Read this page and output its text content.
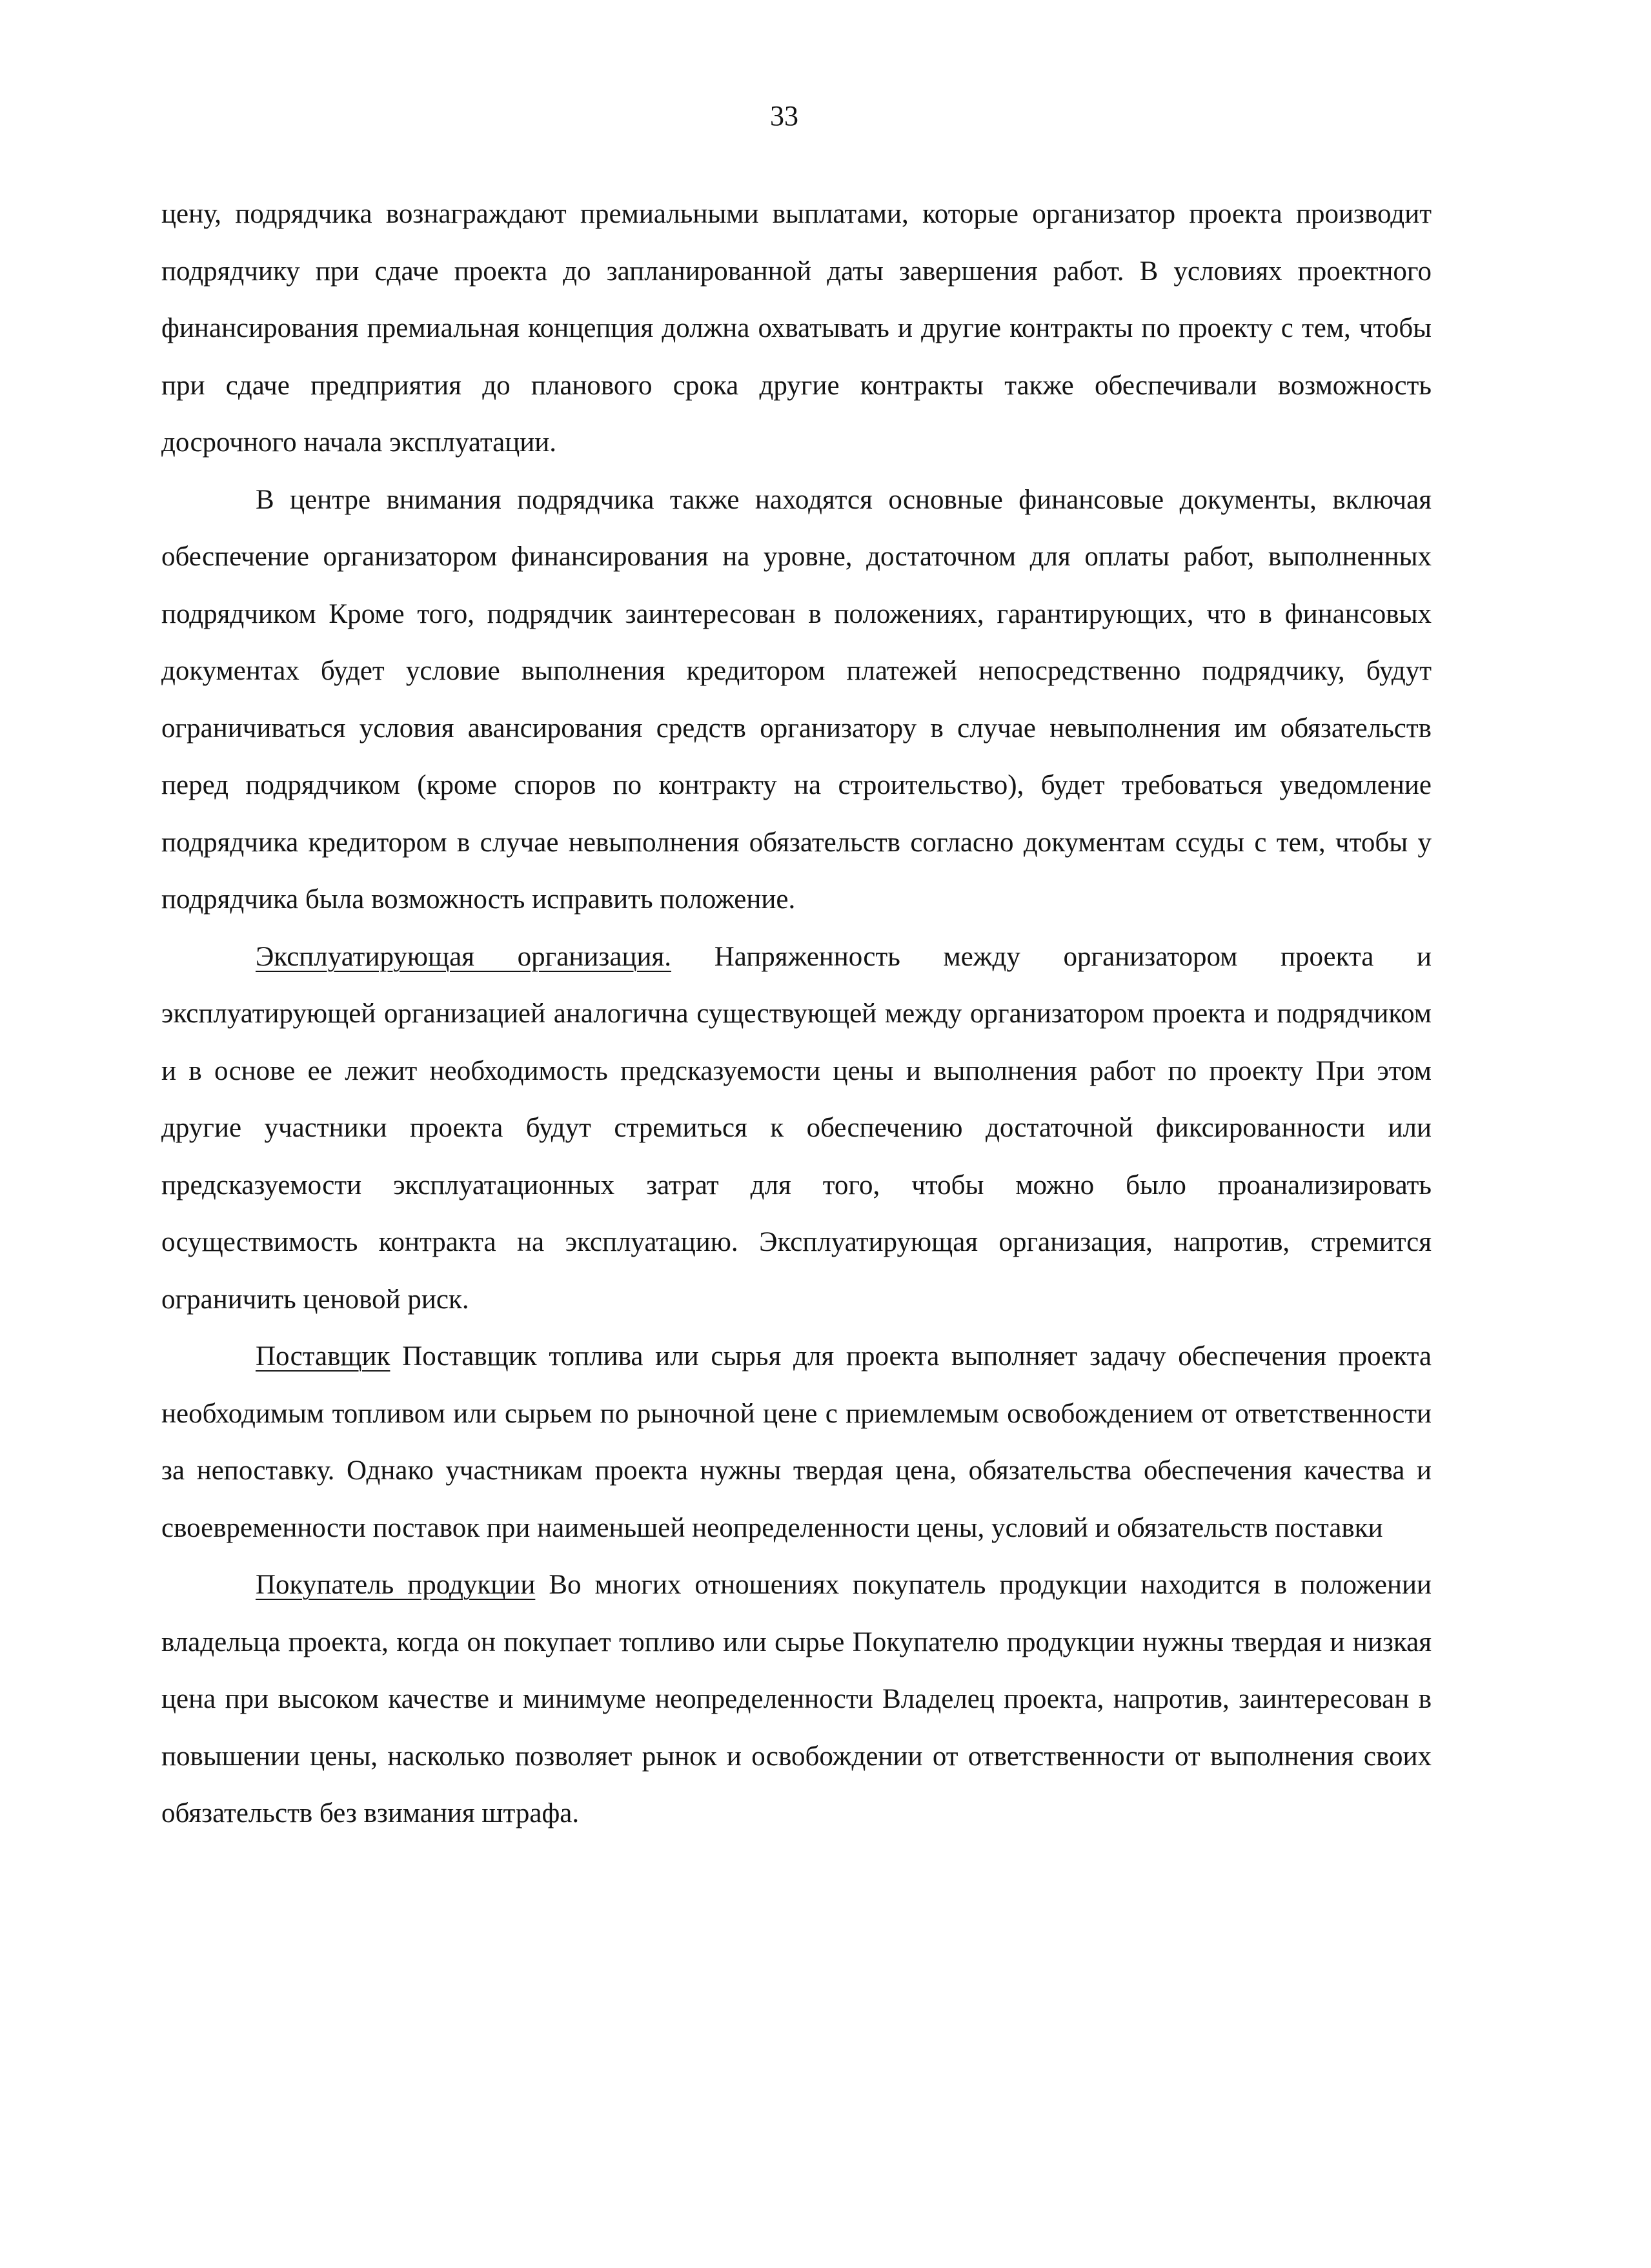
33

цену, подрядчика вознаграждают премиальными выплатами, которые организатор проекта производит подрядчику при сдаче проекта до запланированной даты завершения работ. В условиях проектного финансирования премиальная концепция должна охватывать и другие контракты по проекту с тем, чтобы при сдаче предприятия до планового срока другие контракты также обеспечивали возможность досрочного начала эксплуатации.

В центре внимания подрядчика также находятся основные финансовые документы, включая обеспечение организатором финансирования на уровне, достаточном для оплаты работ, выполненных подрядчиком Кроме того, подрядчик заинтересован в положениях, гарантирующих, что в финансовых документах будет условие выполнения кредитором платежей непосредственно подрядчику, будут ограничиваться условия авансирования средств организатору в случае невыполнения им обязательств перед подрядчиком (кроме споров по контракту на строительство), будет требоваться уведомление подрядчика кредитором в случае невыполнения обязательств согласно документам ссуды с тем, чтобы у подрядчика была возможность исправить положение.

Эксплуатирующая организация. Напряженность между организатором проекта и эксплуатирующей организацией аналогична существующей между организатором проекта и подрядчиком и в основе ее лежит необходимость предсказуемости цены и выполнения работ по проекту При этом другие участники проекта будут стремиться к обеспечению достаточной фиксированности или предсказуемости эксплуатационных затрат для того, чтобы можно было проанализировать осуществимость контракта на эксплуатацию. Эксплуатирующая организация, напротив, стремится ограничить ценовой риск.

Поставщик Поставщик топлива или сырья для проекта выполняет задачу обеспечения проекта необходимым топливом или сырьем по рыночной цене с приемлемым освобождением от ответственности за непоставку. Однако участникам проекта нужны твердая цена, обязательства обеспечения качества и своевременности поставок при наименьшей неопределенности цены, условий и обязательств поставки

Покупатель продукции Во многих отношениях покупатель продукции находится в положении владельца проекта, когда он покупает топливо или сырье Покупателю продукции нужны твердая и низкая цена при высоком качестве и минимуме неопределенности Владелец проекта, напротив, заинтересован в повышении цены, насколько позволяет рынок и освобождении от ответственности от выполнения своих обязательств без взимания штрафа.
